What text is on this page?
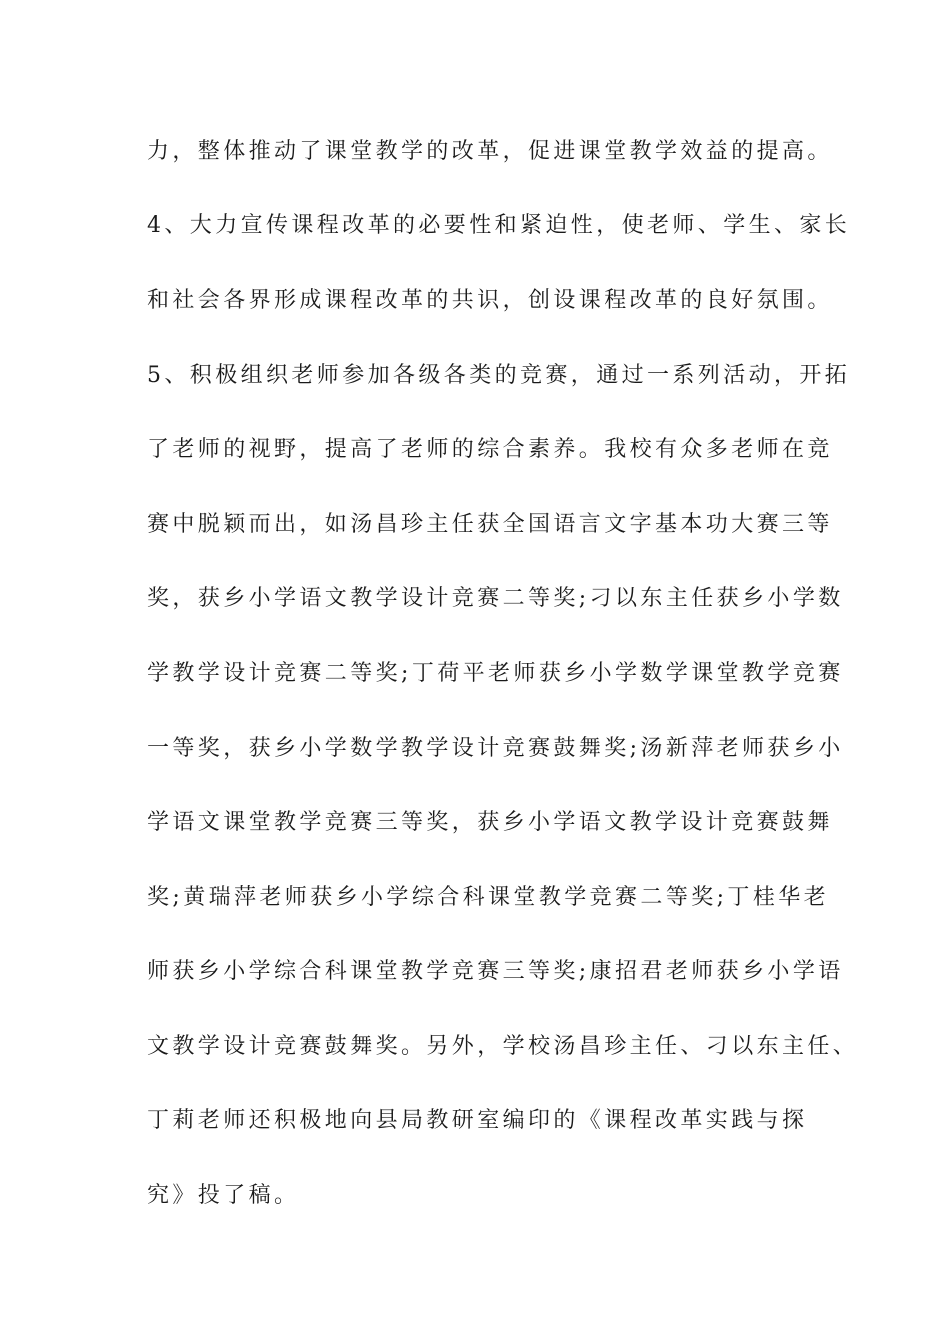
力，整体推动了课堂教学的改革，促进课堂教学效益的提高。
4、大力宣传课程改革的必要性和紧迫性，使老师、学生、家长
和社会各界形成课程改革的共识，创设课程改革的良好氛围。
5、积极组织老师参加各级各类的竞赛，通过一系列活动，开拓
了老师的视野，提高了老师的综合素养。我校有众多老师在竞
赛中脱颖而出，如汤昌珍主任获全国语言文字基本功大赛三等
奖，获乡小学语文教学设计竞赛二等奖;刁以东主任获乡小学数
学教学设计竞赛二等奖;丁荷平老师获乡小学数学课堂教学竞赛
一等奖，获乡小学数学教学设计竞赛鼓舞奖;汤新萍老师获乡小
学语文课堂教学竞赛三等奖，获乡小学语文教学设计竞赛鼓舞
奖;黄瑞萍老师获乡小学综合科课堂教学竞赛二等奖;丁桂华老
师获乡小学综合科课堂教学竞赛三等奖;康招君老师获乡小学语
文教学设计竞赛鼓舞奖。另外，学校汤昌珍主任、刁以东主任、
丁莉老师还积极地向县局教研室编印的《课程改革实践与探
究》投了稿。
